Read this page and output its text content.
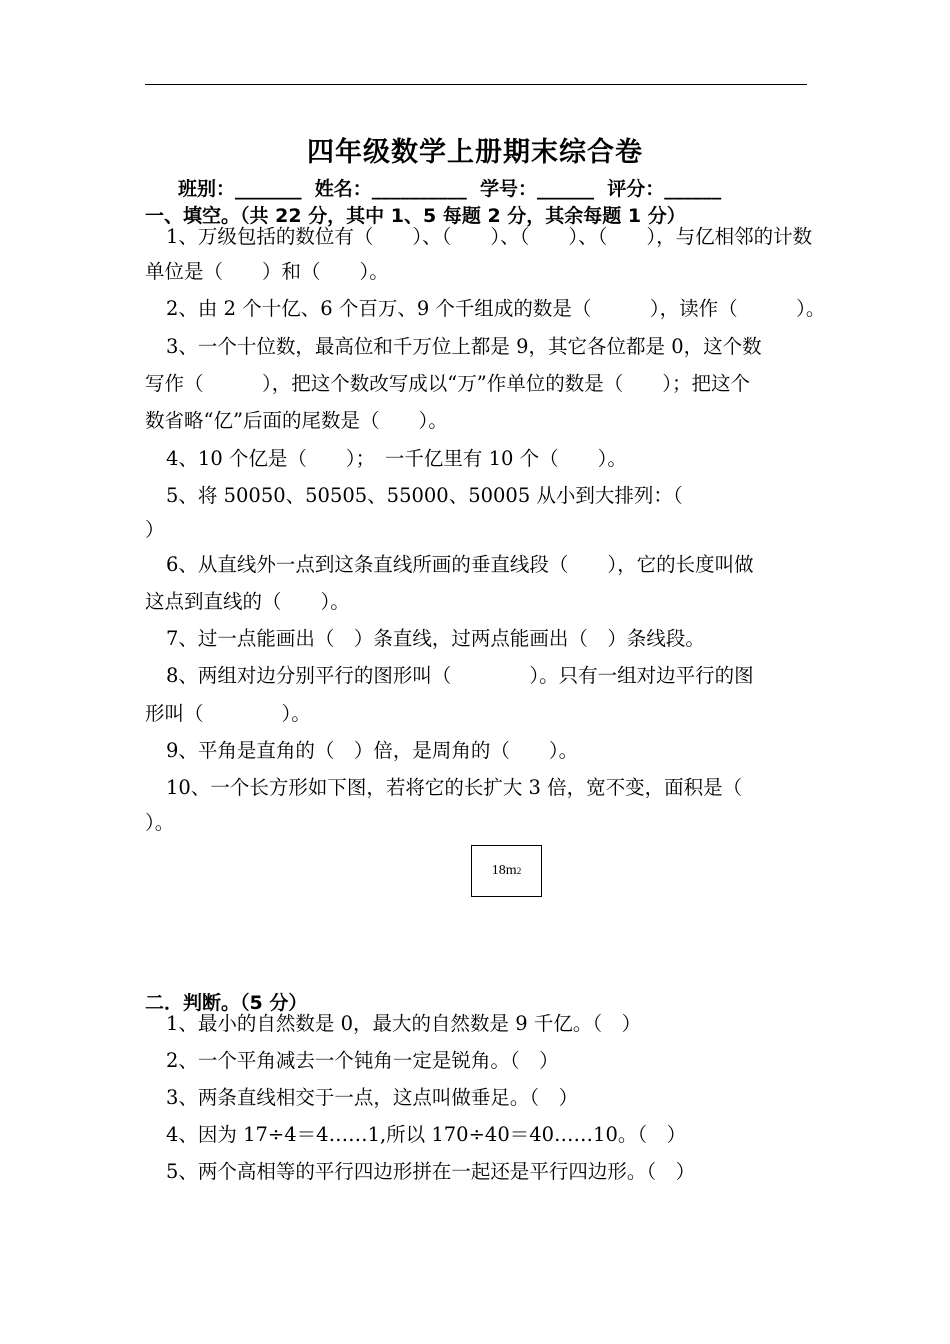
四年级数学上册期末综合卷
班别：_______ 姓名：__________ 学号：______ 评分：______
一、填空。（共 22 分，其中 1、5 每题 2 分，其余每题 1 分）
1、万级包括的数位有（　　）、（　　）、（　　）、（　　），与亿相邻的计数
单位是（　　）和（　　）。
2、由 2 个十亿、6 个百万、9 个千组成的数是（　　　），读作（　　　）。
3、一个十位数，最高位和千万位上都是 9，其它各位都是 0，这个数
写作（　　　），把这个数改写成以“万”作单位的数是（　　）；把这个
数省略“亿”后面的尾数是（　　）。
4、10 个亿是（　　）；　一千亿里有 10 个（　　）。
5、将 50050、50505、55000、50005 从小到大排列：（
）
6、从直线外一点到这条直线所画的垂直线段（　　），它的长度叫做
这点到直线的（　　）。
7、过一点能画出（　）条直线，过两点能画出（　）条线段。
8、两组对边分别平行的图形叫（　　　　）。只有一组对边平行的图
形叫（　　　　）。
9、平角是直角的（　）倍，是周角的（　　）。
10、一个长方形如下图，若将它的长扩大 3 倍，宽不变，面积是（
）。
18 m 2
二．判断。（5 分）
1、最小的自然数是 0，最大的自然数是 9 千亿。（　）
2、一个平角减去一个钝角一定是锐角。（　）
3、两条直线相交于一点，这点叫做垂足。（　）
4、因为 17÷4＝4……1,所以 170÷40＝40……10。（　）
5、两个高相等的平行四边形拼在一起还是平行四边形。（　）
